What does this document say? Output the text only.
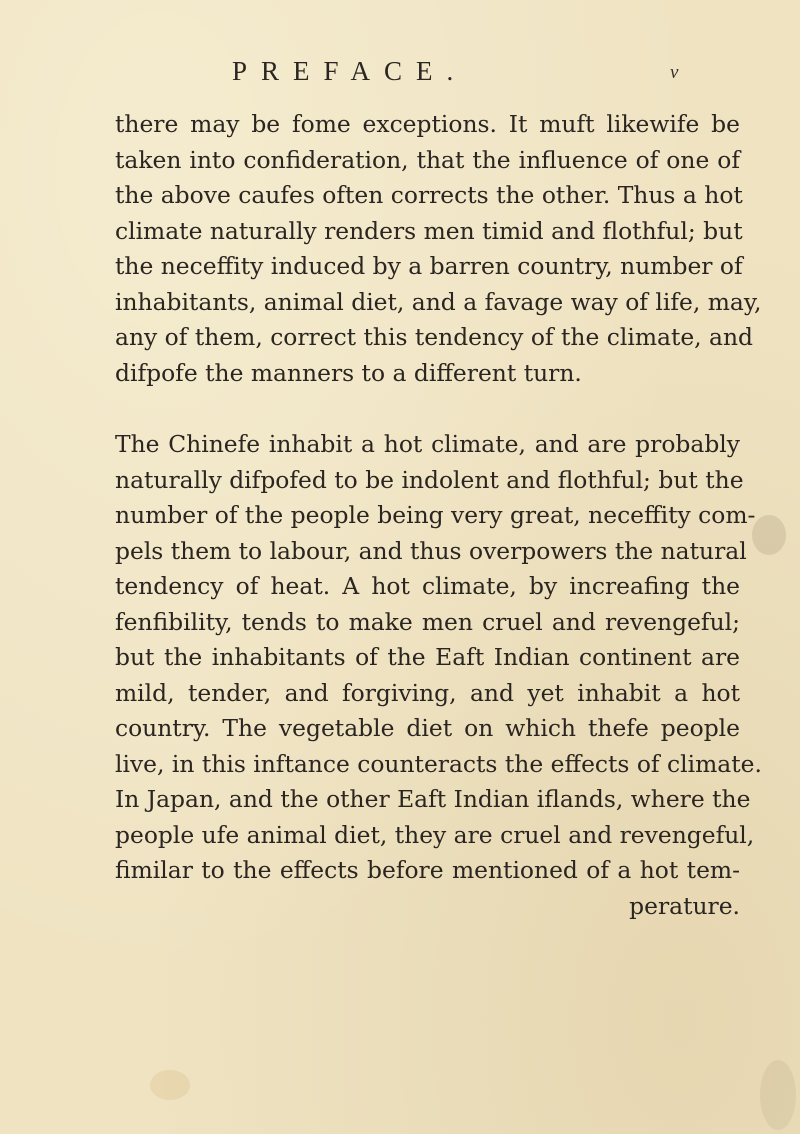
PREFACE.	v

there may be fome exceptions. It muft likewife be
taken into confideration, that the influence of one of
the above caufes often corrects the other. Thus a hot
climate naturally renders men timid and flothful; but
the neceffity induced by a barren country, number of
inhabitants, animal diet, and a favage way of life, may,
any of them, correct this tendency of the climate, and
difpofe the manners to a different turn.

The Chinefe inhabit a hot climate, and are probably
naturally difpofed to be indolent and flothful; but the
number of the people being very great, neceffity com-
pels them to labour, and thus overpowers the natural
tendency of heat. A hot climate, by increafing the
fenfibility, tends to make men cruel and revengeful;
but the inhabitants of the Eaft Indian continent are
mild, tender, and forgiving, and yet inhabit a hot
country. The vegetable diet on which thefe people
live, in this inftance counteracts the effects of climate.
In Japan, and the other Eaft Indian iflands, where the
people ufe animal diet, they are cruel and revengeful,
fimilar to the effects before mentioned of a hot tem-
perature.
